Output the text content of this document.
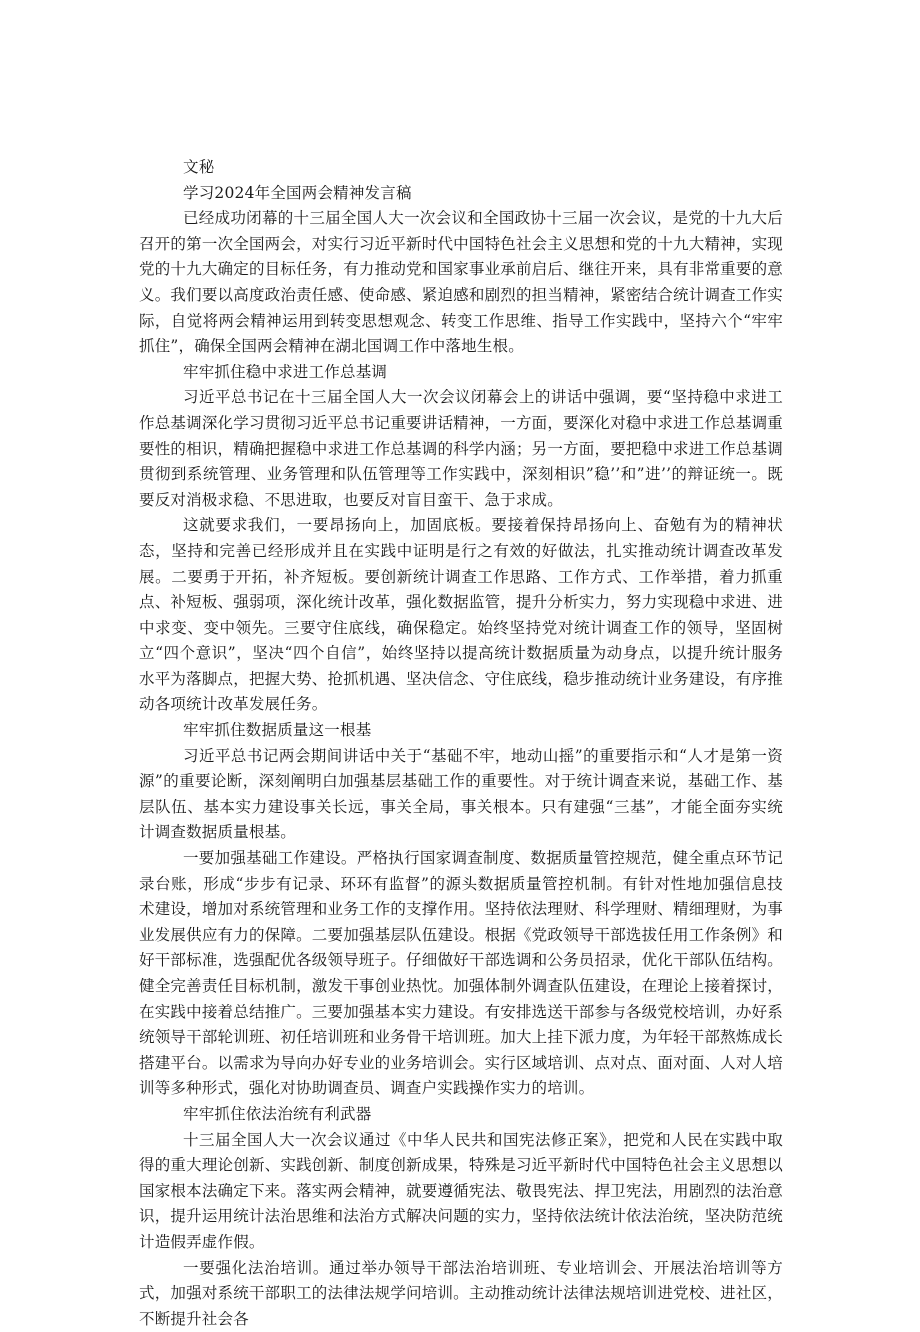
文秘

学习2024年全国两会精神发言稿

已经成功闭幕的十三届全国人大一次会议和全国政协十三届一次会议，是党的十九大后召开的第一次全国两会，对实行习近平新时代中国特色社会主义思想和党的十九大精神，实现党的十九大确定的目标任务，有力推动党和国家事业承前启后、继往开来，具有非常重要的意义。我们要以高度政治责任感、使命感、紧迫感和剧烈的担当精神，紧密结合统计调查工作实际，自觉将两会精神运用到转变思想观念、转变工作思维、指导工作实践中，坚持六个“牢牢抓住”，确保全国两会精神在湖北国调工作中落地生根。

牢牢抓住稳中求进工作总基调

习近平总书记在十三届全国人大一次会议闭幕会上的讲话中强调，要“坚持稳中求进工作总基调深化学习贯彻习近平总书记重要讲话精神，一方面，要深化对稳中求进工作总基调重要性的相识，精确把握稳中求进工作总基调的科学内涵；另一方面，要把稳中求进工作总基调贯彻到系统管理、业务管理和队伍管理等工作实践中，深刻相识”稳’’和”进’’的辩证统一。既要反对消极求稳、不思进取，也要反对盲目蛮干、急于求成。

这就要求我们，一要昂扬向上，加固底板。要接着保持昂扬向上、奋勉有为的精神状态，坚持和完善已经形成并且在实践中证明是行之有效的好做法，扎实推动统计调查改革发展。二要勇于开拓，补齐短板。要创新统计调查工作思路、工作方式、工作举措，着力抓重点、补短板、强弱项，深化统计改革，强化数据监管，提升分析实力，努力实现稳中求进、进中求变、变中领先。三要守住底线，确保稳定。始终坚持党对统计调查工作的领导，坚固树立“四个意识”，坚决“四个自信”，始终坚持以提高统计数据质量为动身点，以提升统计服务水平为落脚点，把握大势、抢抓机遇、坚决信念、守住底线，稳步推动统计业务建设，有序推动各项统计改革发展任务。

牢牢抓住数据质量这一根基

习近平总书记两会期间讲话中关于“基础不牢，地动山摇”的重要指示和“人才是第一资源”的重要论断，深刻阐明白加强基层基础工作的重要性。对于统计调查来说，基础工作、基层队伍、基本实力建设事关长远，事关全局，事关根本。只有建强“三基”，才能全面夯实统计调查数据质量根基。

一要加强基础工作建设。严格执行国家调查制度、数据质量管控规范，健全重点环节记录台账，形成“步步有记录、环环有监督”的源头数据质量管控机制。有针对性地加强信息技术建设，增加对系统管理和业务工作的支撑作用。坚持依法理财、科学理财、精细理财，为事业发展供应有力的保障。二要加强基层队伍建设。根据《党政领导干部选拔任用工作条例》和好干部标准，选强配优各级领导班子。仔细做好干部选调和公务员招录，优化干部队伍结构。健全完善责任目标机制，激发干事创业热忱。加强体制外调查队伍建设，在理论上接着探讨，在实践中接着总结推广。三要加强基本实力建设。有安排选送干部参与各级党校培训，办好系统领导干部轮训班、初任培训班和业务骨干培训班。加大上挂下派力度，为年轻干部熬炼成长搭建平台。以需求为导向办好专业的业务培训会。实行区域培训、点对点、面对面、人对人培训等多种形式，强化对协助调查员、调查户实践操作实力的培训。

牢牢抓住依法治统有利武器

十三届全国人大一次会议通过《中华人民共和国宪法修正案》，把党和人民在实践中取得的重大理论创新、实践创新、制度创新成果，特殊是习近平新时代中国特色社会主义思想以国家根本法确定下来。落实两会精神，就要遵循宪法、敬畏宪法、捍卫宪法，用剧烈的法治意识，提升运用统计法治思维和法治方式解决问题的实力，坚持依法统计依法治统，坚决防范统计造假弄虚作假。

一要强化法治培训。通过举办领导干部法治培训班、专业培训会、开展法治培训等方式，加强对系统干部职工的法律法规学问培训。主动推动统计法律法规培训进党校、进社区，不断提升社会各
